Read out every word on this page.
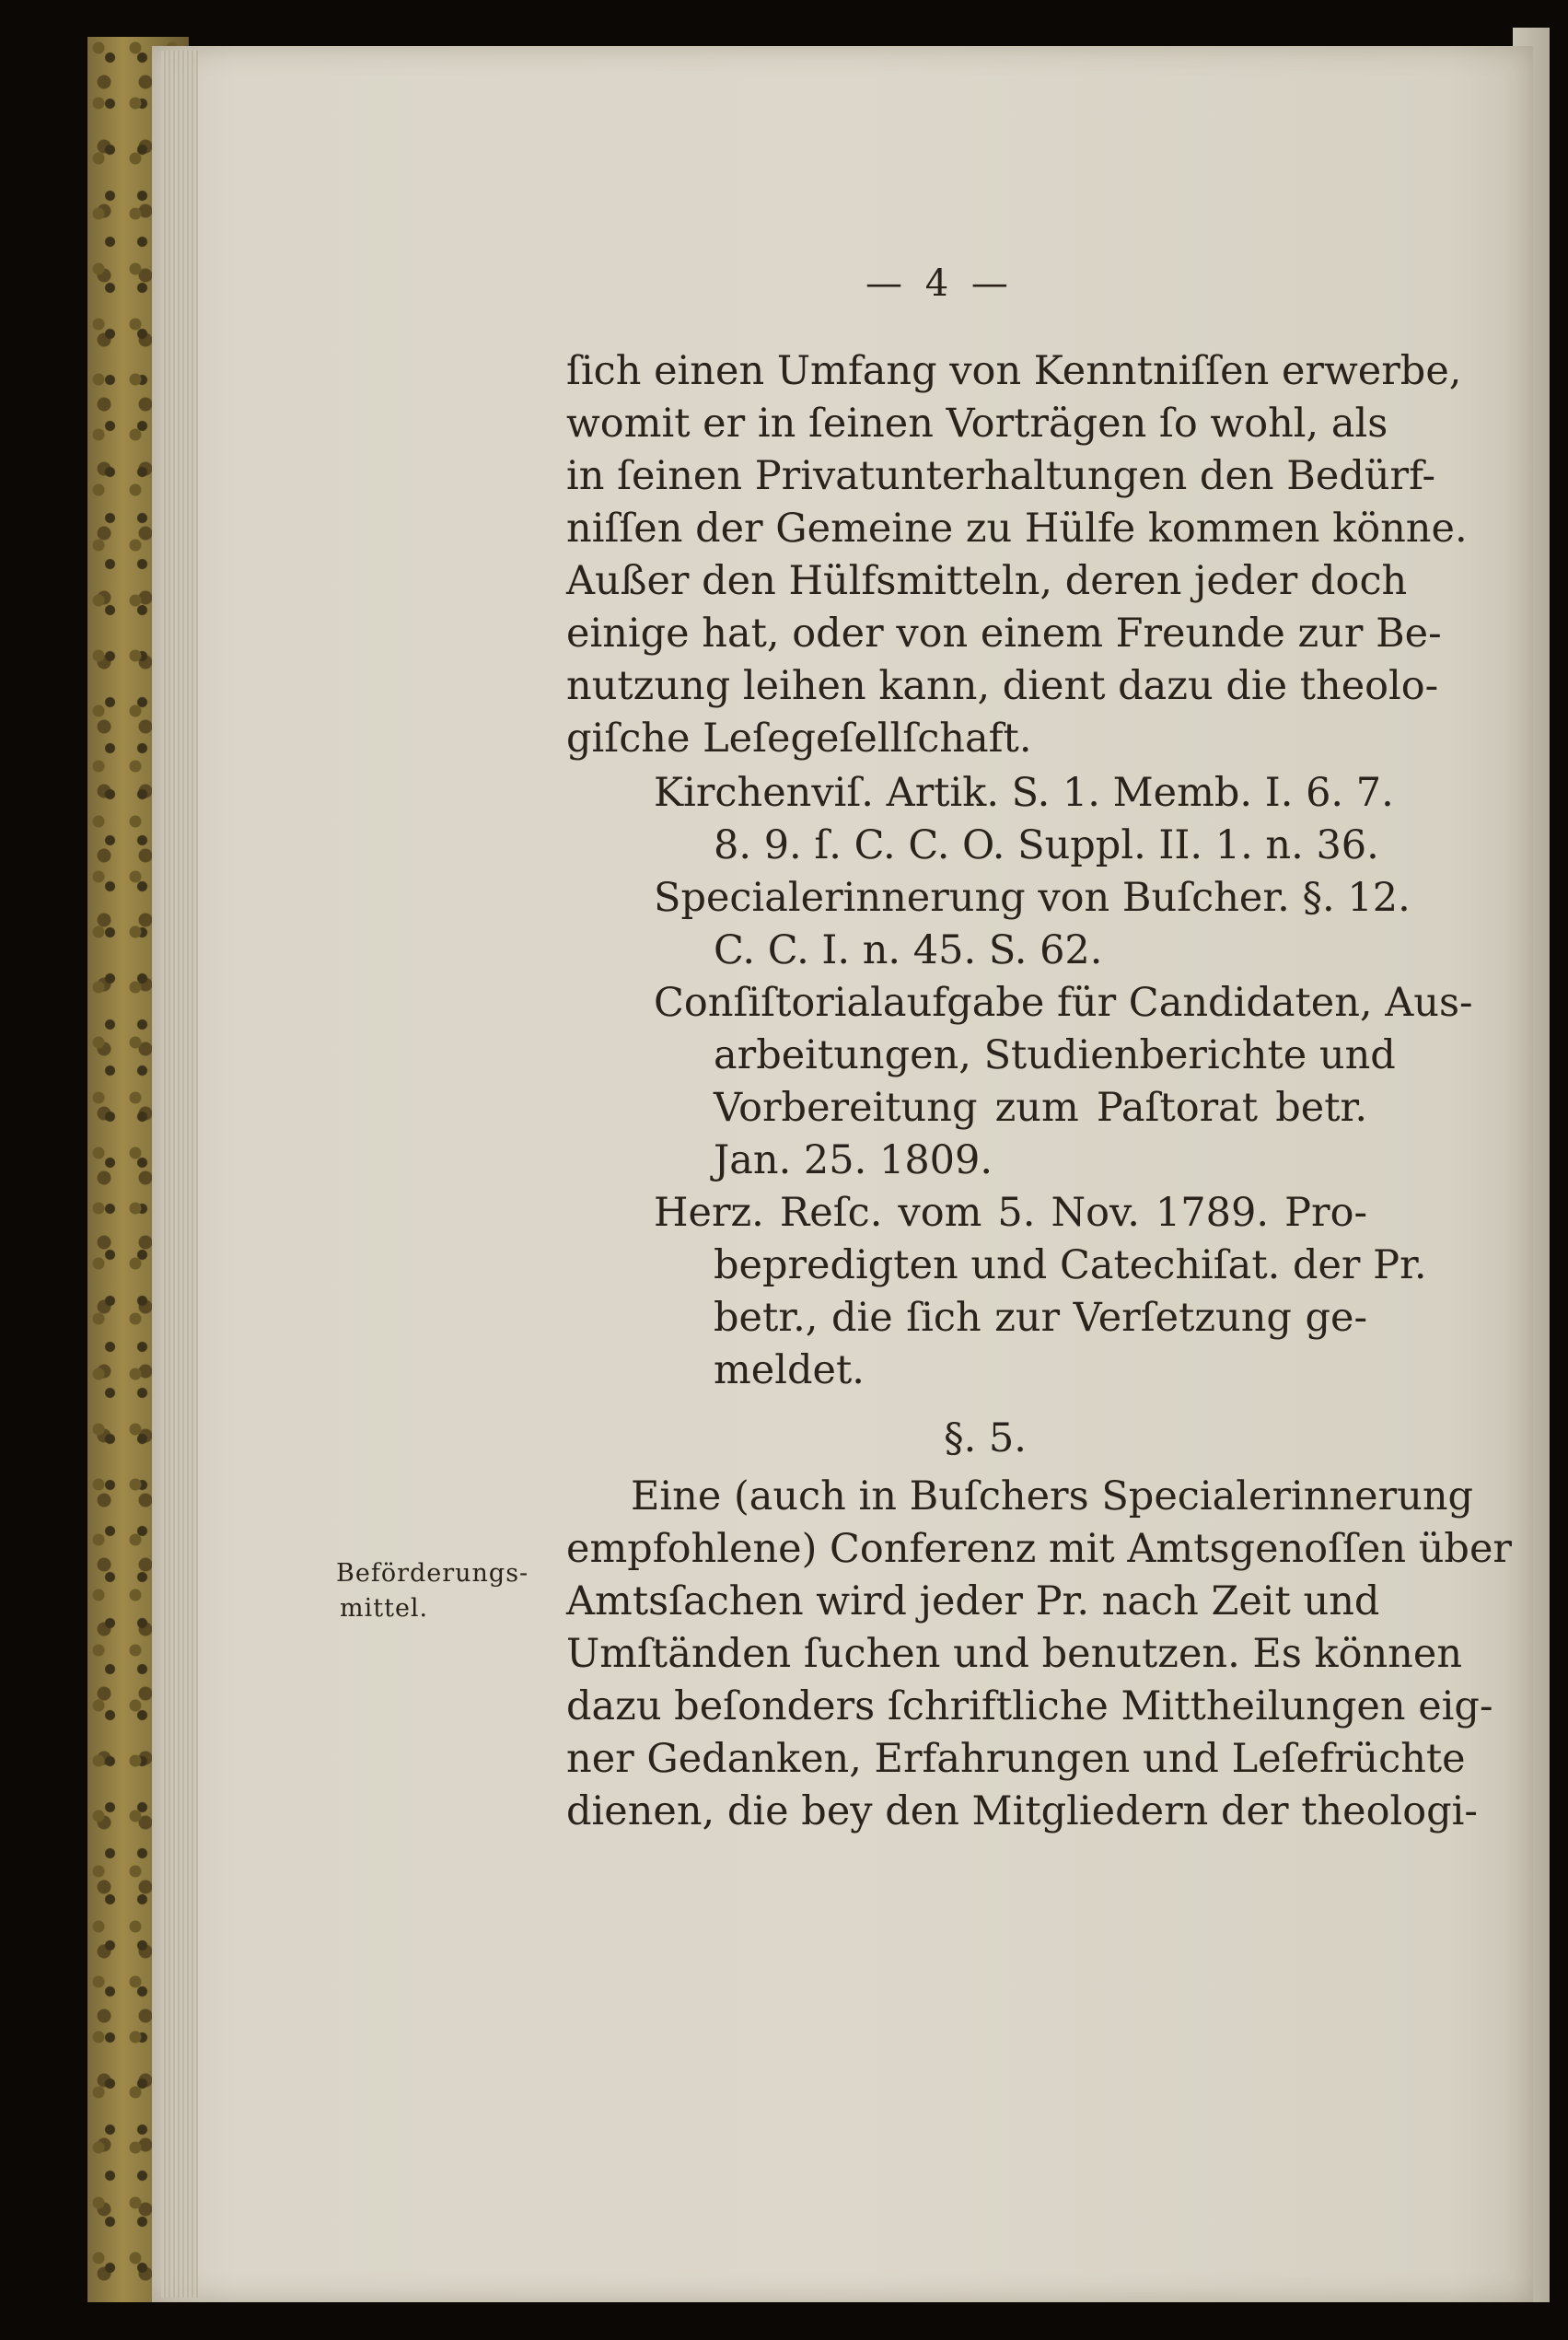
— 4 —
Beförderungs-
mittel.
ſich einen Umfang von Kenntniſſen erwerbe,
womit er in ſeinen Vorträgen ſo wohl, als
in ſeinen Privatunterhaltungen den Bedürf-
niſſen der Gemeine zu Hülfe kommen könne.
Außer den Hülfsmitteln, deren jeder doch
einige hat, oder von einem Freunde zur Be-
nutzung leihen kann, dient dazu die theolo-
giſche Leſegeſellſchaft.
Kirchenviſ. Artik. S. 1. Memb. I. 6. 7.
8. 9. ſ. C. C. O. Suppl. II. 1. n. 36.
Specialerinnerung von Buſcher. §. 12.
C. C. I. n. 45. S. 62.
Conſiſtorialaufgabe für Candidaten, Aus-
arbeitungen, Studienberichte und
Vorbereitung zum Paſtorat betr.
Jan. 25. 1809.
Herz. Reſc. vom 5. Nov. 1789. Pro-
bepredigten und Catechiſat. der Pr.
betr., die ſich zur Verſetzung ge-
meldet.
§. 5.
Eine (auch in Buſchers Specialerinnerung
empfohlene) Conferenz mit Amtsgenoſſen über
Amtsſachen wird jeder Pr. nach Zeit und
Umſtänden ſuchen und benutzen. Es können
dazu beſonders ſchriftliche Mittheilungen eig-
ner Gedanken, Erfahrungen und Leſefrüchte
dienen, die bey den Mitgliedern der theologi-
